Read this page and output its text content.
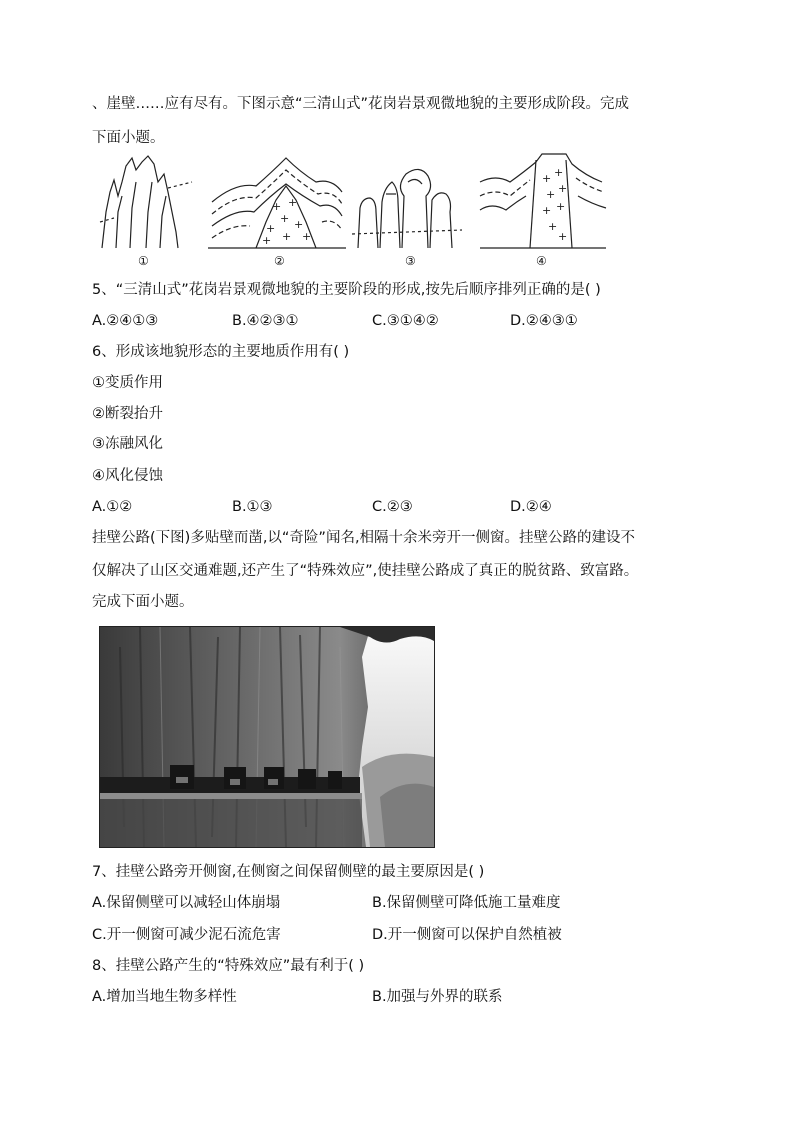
、崖壁……应有尽有。下图示意“三清山式”花岗岩景观微地貌的主要形成阶段。完成
下面小题。
+ +
+
+ +
+ +
+
+ +
+ +
+ +
+
+
①	②	③	④
5、“三清山式”花岗岩景观微地貌的主要阶段的形成,按先后顺序排列正确的是( )
A.②④①③	B.④②③①	C.③①④②	D.②④③①
6、形成该地貌形态的主要地质作用有( )
①变质作用
②断裂抬升
③冻融风化
④风化侵蚀
A.①②	B.①③	C.②③	D.②④
挂壁公路(下图)多贴壁而凿,以“奇险”闻名,相隔十余米旁开一侧窗。挂壁公路的建设不
仅解决了山区交通难题,还产生了“特殊效应”,使挂壁公路成了真正的脱贫路、致富路。
完成下面小题。
7、挂壁公路旁开侧窗,在侧窗之间保留侧壁的最主要原因是( )
A.保留侧壁可以减轻山体崩塌	B.保留侧壁可降低施工量难度
C.开一侧窗可减少泥石流危害	D.开一侧窗可以保护自然植被
8、挂壁公路产生的“特殊效应”最有利于( )
A.增加当地生物多样性	B.加强与外界的联系
